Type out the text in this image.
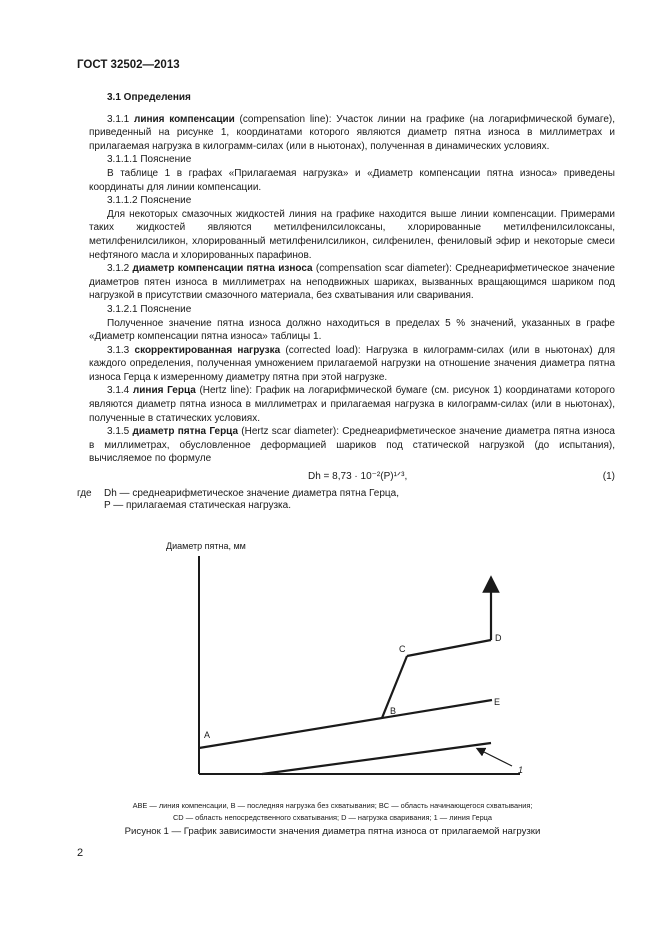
ГОСТ 32502—2013
3.1 Определения

3.1.1 линия компенсации (compensation line): Участок линии на графике (на логарифмической бумаге), приведенный на рисунке 1, координатами которого являются диаметр пятна износа в миллиметрах и прилагаемая нагрузка в килограмм-силах (или в ньютонах), полученная в динамических условиях.

3.1.1.1 Пояснение

В таблице 1 в графах «Прилагаемая нагрузка» и «Диаметр компенсации пятна износа» приведены координаты для линии компенсации.

3.1.1.2 Пояснение

Для некоторых смазочных жидкостей линия на графике находится выше линии компенсации. Примерами таких жидкостей являются метилфенилсилоксаны, хлорированные метилфенилсилоксаны, метилфенилсиликон, хлорированный метилфенилсиликон, силфенилен, фениловый эфир и некоторые смеси нефтяного масла и хлорированных парафинов.

3.1.2 диаметр компенсации пятна износа (compensation scar diameter): Среднеарифметическое значение диаметров пятен износа в миллиметрах на неподвижных шариках, вызванных вращающимся шариком под нагрузкой в присутствии смазочного материала, без схватывания или сваривания.

3.1.2.1 Пояснение

Полученное значение пятна износа должно находиться в пределах 5 % значений, указанных в графе «Диаметр компенсации пятна износа» таблицы 1.

3.1.3 скорректированная нагрузка (corrected load): Нагрузка в килограмм-силах (или в ньютонах) для каждого определения, полученная умножением прилагаемой нагрузки на отношение значения диаметра пятна износа Герца к измеренному диаметру пятна при этой нагрузке.

3.1.4 линия Герца (Hertz line): График на логарифмической бумаге (см. рисунок 1) координатами которого являются диаметр пятна износа в миллиметрах и прилагаемая нагрузка в килограмм-силах (или в ньютонах), полученные в статических условиях.

3.1.5 диаметр пятна Герца (Hertz scar diameter): Среднеарифметическое значение диаметра пятна износа в миллиметрах, обусловленное деформацией шариков под статической нагрузкой (до испытания), вычисляемое по формуле

Dh = 8,73 · 10⁻²(P)¹ᐟ³,	(1)
где Dh — среднеарифметическое значение диаметра пятна Герца,
P — прилагаемая статическая нагрузка.
Диаметр пятна, мм
A
B
C
D
E
1
ABE — линия компенсации, B — последняя нагрузка без схватывания; BC — область начинающегося схватывания;
CD — область непосредственного схватывания; D — нагрузка сваривания; 1 — линия Герца
Рисунок 1 — График зависимости значения диаметра пятна износа от прилагаемой нагрузки
2
